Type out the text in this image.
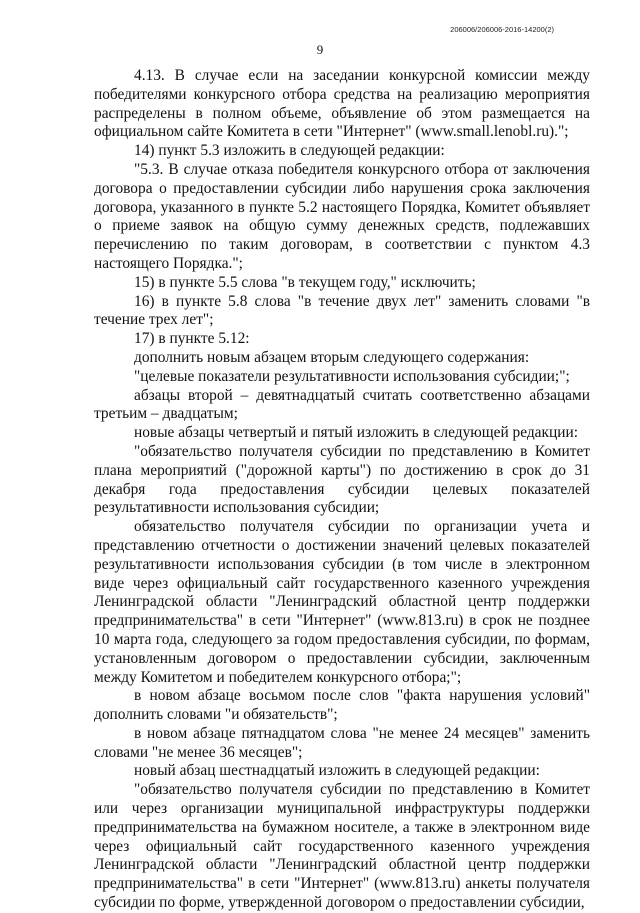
206006/206006-2016-14200(2)
9

4.13. В случае если на заседании конкурсной комиссии между победителями конкурсного отбора средства на реализацию мероприятия распределены в полном объеме, объявление об этом размещается на официальном сайте Комитета в сети "Интернет" (www.small.lenobl.ru).";

14) пункт 5.3 изложить в следующей редакции:

"5.3. В случае отказа победителя конкурсного отбора от заключения договора о предоставлении субсидии либо нарушения срока заключения договора, указанного в пункте 5.2 настоящего Порядка, Комитет объявляет о приеме заявок на общую сумму денежных средств, подлежавших перечислению по таким договорам, в соответствии с пунктом 4.3 настоящего Порядка.";

15) в пункте 5.5 слова "в текущем году," исключить;

16) в пункте 5.8 слова "в течение двух лет" заменить словами "в течение трех лет";

17) в пункте 5.12:

дополнить новым абзацем вторым следующего содержания:

"целевые показатели результативности использования субсидии;";

абзацы второй – девятнадцатый считать соответственно абзацами третьим – двадцатым;

новые абзацы четвертый и пятый изложить в следующей редакции:

"обязательство получателя субсидии по представлению в Комитет плана мероприятий ("дорожной карты") по достижению в срок до 31 декабря года предоставления субсидии целевых показателей результативности использования субсидии;

обязательство получателя субсидии по организации учета и представлению отчетности о достижении значений целевых показателей результативности использования субсидии (в том числе в электронном виде через официальный сайт государственного казенного учреждения Ленинградской области "Ленинградский областной центр поддержки предпринимательства" в сети "Интернет" (www.813.ru) в срок не позднее 10 марта года, следующего за годом предоставления субсидии, по формам, установленным договором о предоставлении субсидии, заключенным между Комитетом и победителем конкурсного отбора;";

в новом абзаце восьмом после слов "факта нарушения условий" дополнить словами "и обязательств";

в новом абзаце пятнадцатом слова "не менее 24 месяцев" заменить словами "не менее 36 месяцев";

новый абзац шестнадцатый изложить в следующей редакции:

"обязательство получателя субсидии по представлению в Комитет или через организации муниципальной инфраструктуры поддержки предпринимательства на бумажном носителе, а также в электронном виде через официальный сайт государственного казенного учреждения Ленинградской области "Ленинградский областной центр поддержки предпринимательства" в сети "Интернет" (www.813.ru) анкеты получателя субсидии по форме, утвержденной договором о предоставлении субсидии,
